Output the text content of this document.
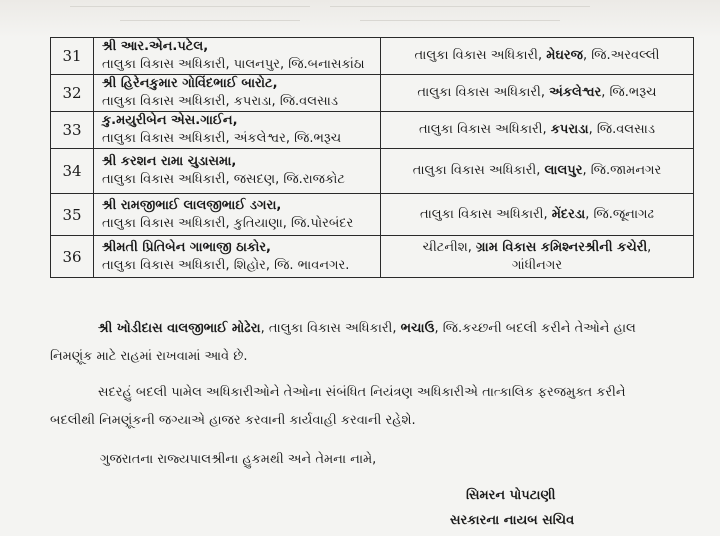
31	શ્રી આર.એન.પટેલ,
તાલુકા વિકાસ અધિકારી, પાલનપુર, જિ.બનાસકાંઠા	તાલુકા વિકાસ અધિકારી, મેઘરજ, જિ.અરવલ્લી
32	શ્રી હિરેનકુમાર ગોવિંદભાઈ બારોટ,
તાલુકા વિકાસ અધિકારી, કપરાડા, જિ.વલસાડ	તાલુકા વિકાસ અધિકારી, અંકલેશ્વર, જિ.ભરૂચ
33	કુ.મયુરીબેન એસ.ગાઈન,
તાલુકા વિકાસ અધિકારી, અંકલેશ્વર, જિ.ભરૂચ	તાલુકા વિકાસ અધિકારી, કપરાડા, જિ.વલસાડ
34	શ્રી કરશન રામા ચુડાસમા,
તાલુકા વિકાસ અધિકારી, જસદણ, જિ.રાજકોટ	તાલુકા વિકાસ અધિકારી, લાલપુર, જિ.જામનગર
35	શ્રી રામજીભાઈ લાલજીભાઈ ડગરા,
તાલુકા વિકાસ અધિકારી, કુતિયાણા, જિ.પોરબંદર	તાલુકા વિકાસ અધિકારી, મેંદરડા, જિ.જૂનાગઢ
36	શ્રીમતી પ્રિતિબેન ગાભાજી ઠાકોર,
તાલુકા વિકાસ અધિકારી, શિહોર, જિ. ભાવનગર.	ચીટનીશ, ગ્રામ વિકાસ કમિશ્નરશ્રીની કચેરી,
ગાંધીનગર
શ્રી ખોડીદાસ વાલજીભાઈ મોઢેરા, તાલુકા વિકાસ અધિકારી, ભચાઉ, જિ.કચ્છની બદલી કરીને તેઓને હાલ
નિમણૂંક માટે રાહમાં રાખવામાં આવે છે.
સદરહું બદલી પામેલ અધિકારીઓને તેઓના સંબંધિત નિયંત્રણ અધિકારીએ તાત્કાલિક ફરજમુક્ત કરીને
બદલીથી નિમણૂંકની જગ્યાએ હાજર કરવાની કાર્યવાહી કરવાની રહેશે.
ગુજરાતના રાજ્યપાલશ્રીના હુકમથી અને તેમના નામે,
સિમરન પોપટાણી
સરકારના નાયબ સચિવ
